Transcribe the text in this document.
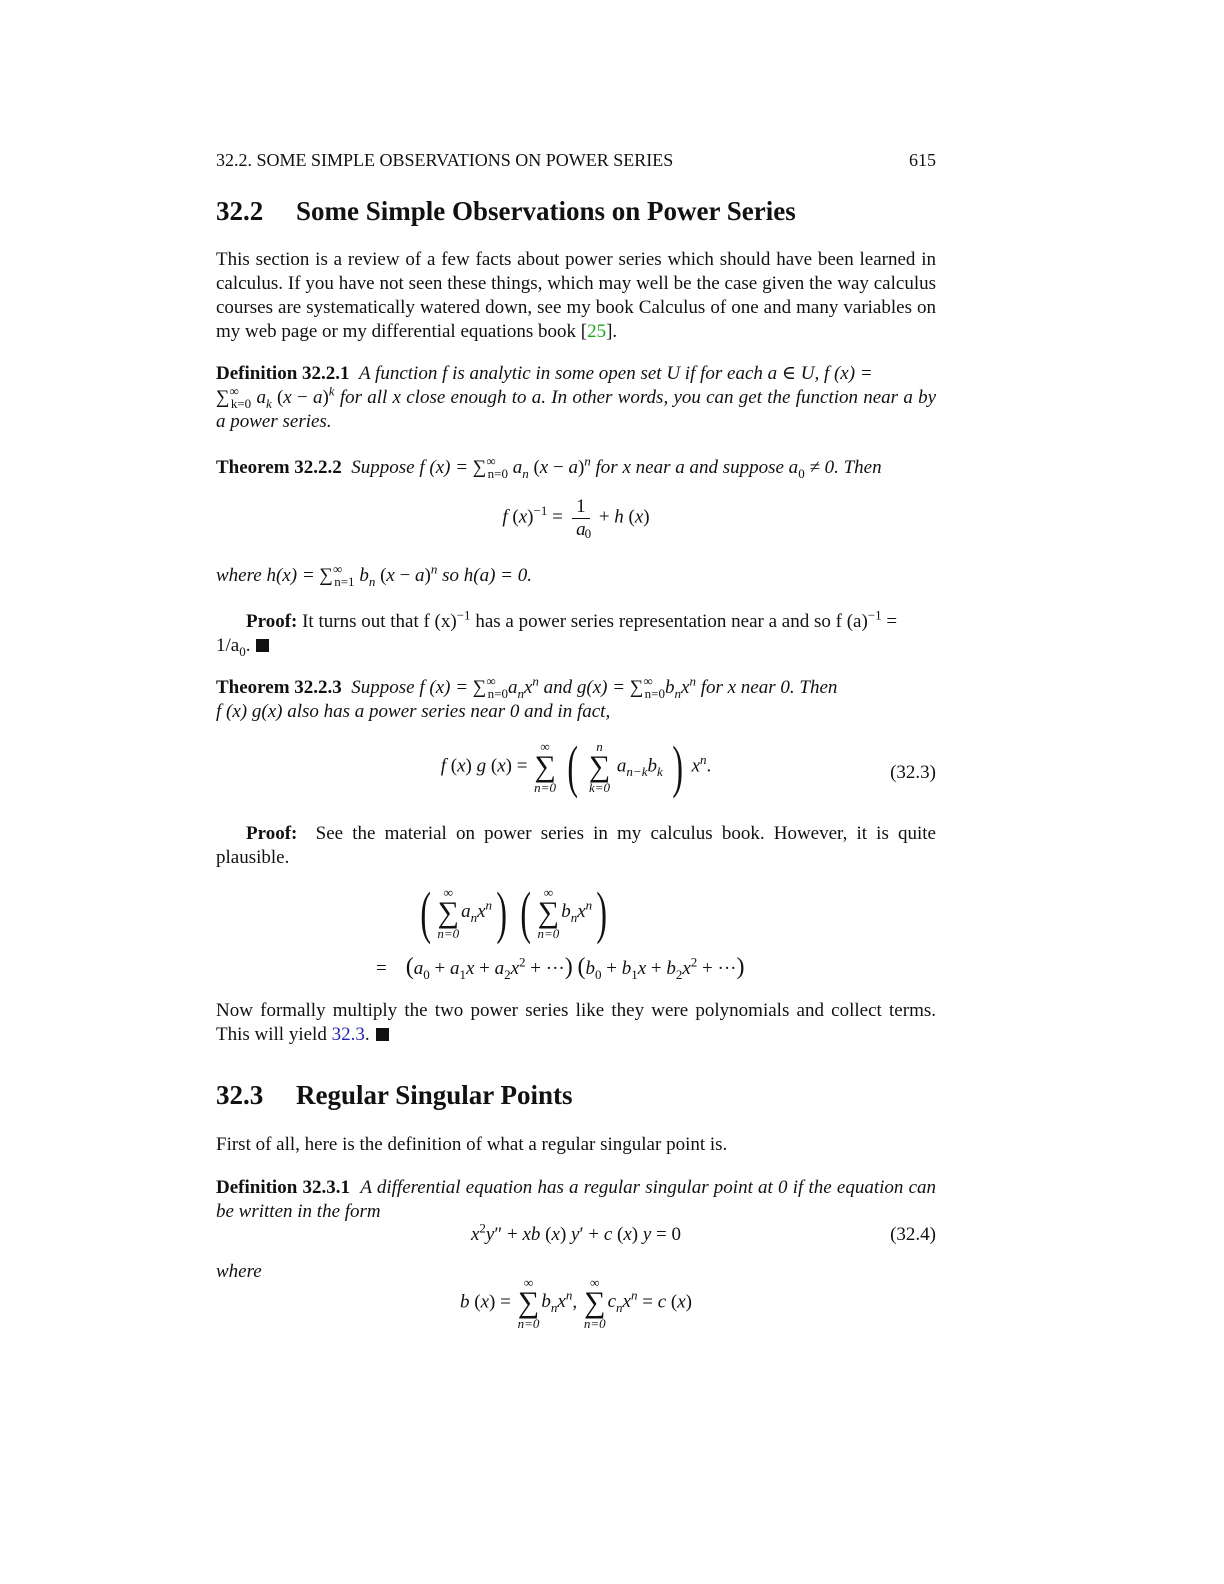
32.2. SOME SIMPLE OBSERVATIONS ON POWER SERIES	615
32.2 Some Simple Observations on Power Series
This section is a review of a few facts about power series which should have been learned in calculus. If you have not seen these things, which may well be the case given the way calculus courses are systematically watered down, see my book Calculus of one and many variables on my web page or my differential equations book [25].
Definition 32.2.1 A function f is analytic in some open set U if for each a ∈ U, f (x) =
$\sum^\infty_{k=0}$ $a_k$ $(x - a)^k$ for all x close enough to a. In other words, you can get the function near a by a power series.
Theorem 32.2.2 Suppose f $(x) = \sum^\infty_{n=0}$ $a_n$ $(x - a)^n$ for x near a and suppose $a_0 \ne 0$. Then
f $(x)^{-1} = 1$
a 0
+ h (x)
where $h(x) = \sum^\infty_{n=1}$ $b_n$ $(x - a)^n$ so h(a) = 0.
Proof: It turns out that f $(x)^{-1}$ has a power series representation near a and so f $(a)^{-1}$ =
$1/a_0$.
Theorem 32.2.3 Suppose f $(x) = \sum^\infty_{n=0}a_nx^n$ and $g(x) = \sum^\infty_{n=0}b_nx^n$ for x near 0. Then
f (x) g(x) also has a power series near 0 and in fact,
f (x) g (x) =
∞
∑
n=0 ( n
∑
k=0
$a_{n-k}b_k$ ) $x^n$.	(32.3)
Proof: See the material on power series in my calculus book. However, it is quite plausible.
( ∞
∑
n=0
$a_nx^n$) ( ∞
∑
n=0
$b_nx^n$)
=    ($a_0 + a_1x + a_2x^2$ + ···) ($b_0 + b_1x + b_2x^2$ + ···)
Now formally multiply the two power series like they were polynomials and collect terms. This will yield 32.3.
32.3 Regular Singular Points
First of all, here is the definition of what a regular singular point is.
Definition 32.3.1 A differential equation has a regular singular point at 0 if the equation can be written in the form
$x^2y''$ + xb (x) y′ + c (x) y = 0	(32.4)
where
b (x) =
∞
∑
n=0
$b_nx^n$,
∞
∑
n=0
$c_nx^n = c$ (x)
